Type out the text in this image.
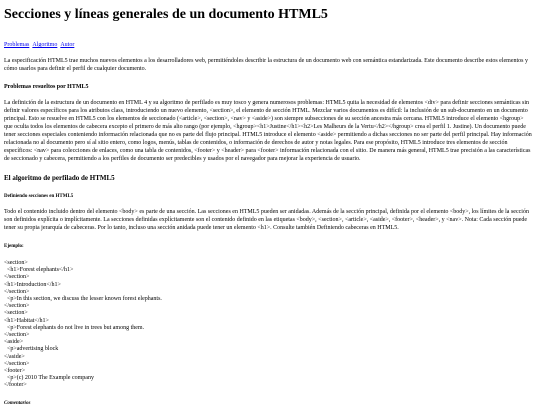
Secciones y líneas generales de un documento HTML5
Problemas Algoritmo Autor

La especificación HTML5 trae muchos nuevos elementos a los desarrolladores web, permitiéndoles describir la estructura de un documento web con semántica estandarizada. Este documento describe estos elementos y cómo usarlos para definir el perfil de cualquier documento.

Problemas resueltos por HTML5

La definición de la estructura de un documento en HTML 4 y su algoritmo de perfilado es muy tosco y genera numerosos problemas: HTML5 quita la necesidad de elementos <div> para definir secciones semánticas sin definir valores específicos para los atributos class, introduciendo un nuevo elemento, <section>, el elemento de sección HTML. Mezclar varios documentos es difícil: la inclusión de un sub-documento en un documento principal. Esto se resuelve en HTML5 con los elementos de seccionado (<article>, <section>, <nav> y <aside>) son siempre subsecciones de su sección ancestra más cercana. HTML5 introduce el elemento <hgroup> que oculta todos los elementos de cabecera excepto el primero de más alto rango (por ejemplo, <hgroup><h1>Justine</h1><h2>Les Malheurs de la Vertu</h2></hgroup> crea el perfil 1. Justine). Un documento puede tener secciones especiales conteniendo información relacionada que no es parte del flujo principal. HTML5 introduce el elemento <aside> permitiendo a dichas secciones no ser parte del perfil principal. Hay información relacionada no al documento pero sí al sitio entero, como logos, menús, tablas de contenidos, o información de derechos de autor y notas legales. Para ese propósito, HTML5 introduce tres elementos de sección específicos: <nav> para colecciones de enlaces, como una tabla de contenidos, <footer> y <header> para <footer> información relacionada con el sitio. De manera más general, HTML5 trae precisión a las características de seccionado y cabecera, permitiendo a los perfiles de documento ser predecibles y usados por el navegador para mejorar la experiencia de usuario.

El algoritmo de perfilado de HTML5
Definiendo secciones en HTML5

Todo el contenido incluido dentro del elemento <body> es parte de una sección. Las secciones en HTML5 pueden ser anidadas. Además de la sección principal, definida por el elemento <body>, los límites de la sección son definidos explícita o implícitamente. La secciones definidas explícitamente son el contenido definido en las etiquetas <body>, <section>, <article>, <aside>, <footer>, <header>, y <nav>. Nota: Cada sección puede tener su propia jerarquía de cabeceras. Por lo tanto, incluso una sección anidada puede tener un elemento <h1>. Consulte también Definiendo cabeceras en HTML5.

Ejemplo:
<section>
<h1>Forest elephants</h1>
</section>
<h1>Introduction</h1>
</section>
<p>In this section, we discuss the lesser known forest elephants.
</section>
<section>
<h1>Habitat</h1>
<p>Forest elephants do not live in trees but among them.
</section>
<aside>
<p>advertising block
</aside>
</section>
<footer>
<p>(c) 2010 The Example company
</footer>
Comentarios
